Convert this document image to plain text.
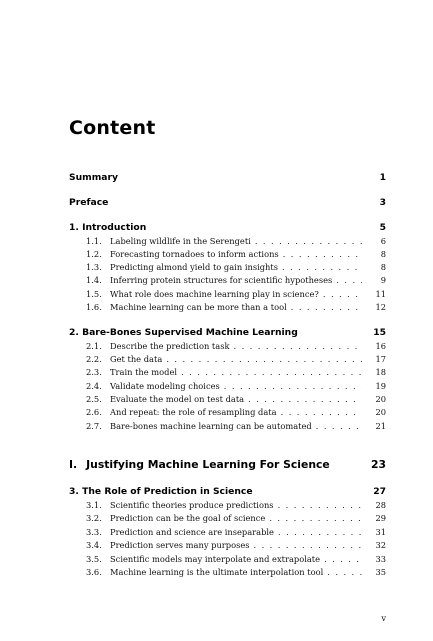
Content
Summary	1
Preface	3
1. Introduction	5
1.1. Labeling wildlife in the Serengeti . . .	6
1.2. Forecasting tornadoes to inform actions . . .	8
1.3. Predicting almond yield to gain insights . . .	8
1.4. Inferring protein structures for scientific hypotheses . . .	9
1.5. What role does machine learning play in science? . . .	11
1.6. Machine learning can be more than a tool . . .	12
2. Bare-Bones Supervised Machine Learning	15
2.1. Describe the prediction task . . .	16
2.2. Get the data . . .	17
2.3. Train the model . . .	18
2.4. Validate modeling choices . . .	19
2.5. Evaluate the model on test data . . .	20
2.6. And repeat: the role of resampling data . . .	20
2.7. Bare-bones machine learning can be automated . . .	21
I. Justifying Machine Learning For Science	23
3. The Role of Prediction in Science	27
3.1. Scientific theories produce predictions . . .	28
3.2. Prediction can be the goal of science . . .	29
3.3. Prediction and science are inseparable . . .	31
3.4. Prediction serves many purposes . . .	32
3.5. Scientific models may interpolate and extrapolate . . .	33
3.6. Machine learning is the ultimate interpolation tool . . .	35
v
